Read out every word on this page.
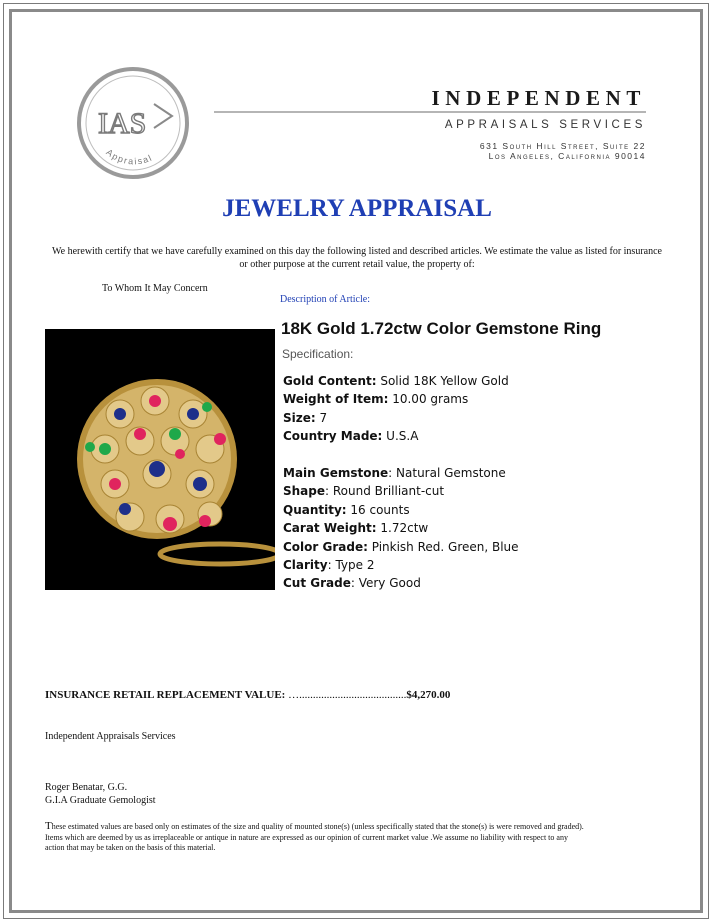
IAS
Appraisal
INDEPENDENT
APPRAISALS SERVICES
631 South Hill Street, Suite 22
Los Angeles, California 90014
JEWELRY APPRAISAL
We herewith certify that we have carefully examined on this day the following listed and described articles. We estimate the value as listed for insurance or other purpose at the current retail value, the property of:
To Whom It May Concern
Description of Article:
18K Gold 1.72ctw Color Gemstone Ring
Specification:
Gold Content: Solid 18K Yellow Gold
Weight of Item: 10.00 grams
Size: 7
Country Made: U.S.A
Main Gemstone: Natural Gemstone
Shape: Round Brilliant-cut
Quantity: 16 counts
Carat Weight: 1.72ctw
Color Grade: Pinkish Red. Green, Blue
Clarity: Type 2
Cut Grade: Very Good
INSURANCE RETAIL REPLACEMENT VALUE: ….......................................$4,270.00
Independent Appraisals Services
Roger Benatar, G.G.
G.I.A Graduate Gemologist
These estimated values are based only on estimates of the size and quality of mounted stone(s) (unless specifically stated that the stone(s) is were removed and graded). Items which are deemed by us as irreplaceable or antique in nature are expressed as our opinion of current market value .We assume no liability with respect to any action that may be taken on the basis of this material.
